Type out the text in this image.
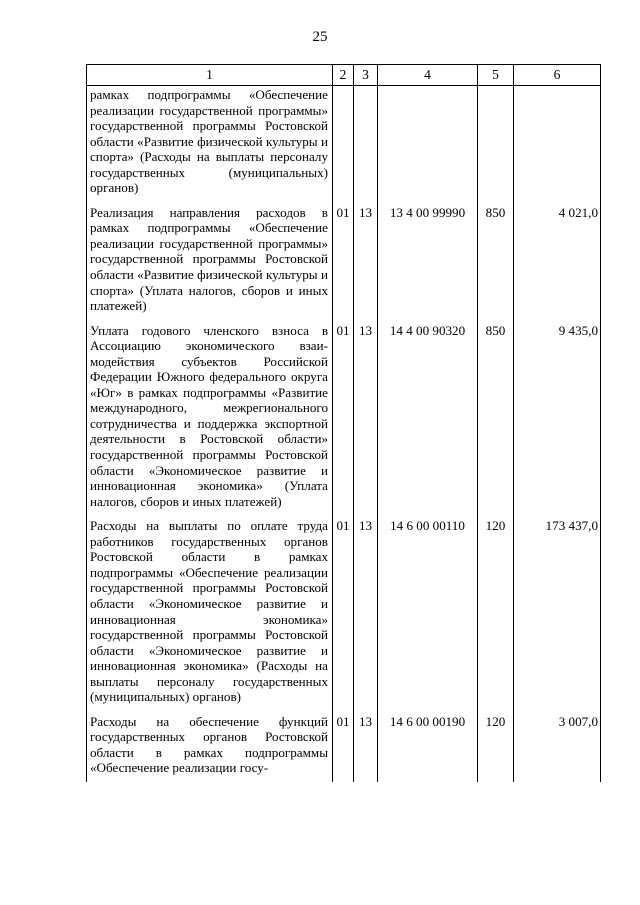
25
1	2	3	4	5	6
рамках подпрограммы «Обеспечение реализации государственной программы» государственной программы Ростовской области «Развитие физической культуры и спорта» (Расходы на выплаты персоналу государственных (муниципальных) органов)					
Реализация направления расходов в рамках подпрограммы «Обеспечение реализации государственной программы» государственной программы Ростовской области «Развитие физической культуры и спорта» (Уплата налогов, сборов и иных платежей)	01	13	13 4 00 99990	850	4 021,0
Уплата годового членского взноса в Ассоциацию экономического взаимодействия субъектов Российской Федерации Южного федерального округа «Юг» в рамках подпрограммы «Развитие международного, межрегионального сотрудничества и поддержка экспортной деятельности в Ростовской области» государственной программы Ростовской области «Экономическое развитие и инновационная экономика» (Уплата налогов, сборов и иных платежей)	01	13	14 4 00 90320	850	9 435,0
Расходы на выплаты по оплате труда работников государственных органов Ростовской области в рамках подпрограммы «Обеспечение реализации государственной программы Ростовской области «Экономическое развитие и инновационная экономика» государственной программы Ростовской области «Экономическое развитие и инновационная экономика» (Расходы на выплаты персоналу государственных (муниципальных) органов)	01	13	14 6 00 00110	120	173 437,0
Расходы на обеспечение функций государственных органов Ростовской области в рамках подпрограммы «Обеспечение реализации госу-	01	13	14 6 00 00190	120	3 007,0
